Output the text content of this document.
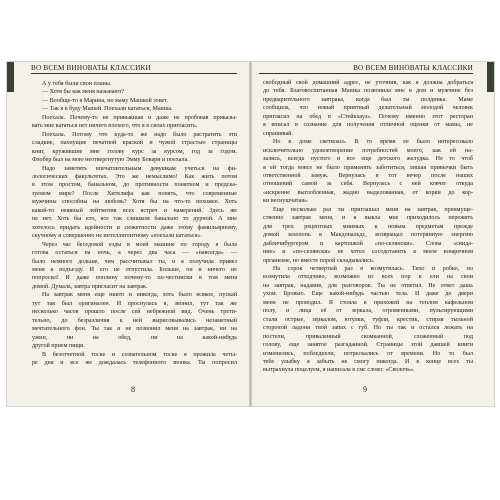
ВО ВСЕМ ВИНОВАТЫ КЛАССИКИ
А у тебя были свои планы.
— Хотя бы как меня называют?
— Вообще-то я Марина, но маму Машкой зовет.
— Так я в буду Машей. Поехали кататься, Машка.
Поехала. Почему-то не привыкшая и даже не пробовав приказы-
вать мне кататься нет ничего плохого, что я в силах пригласить.
Поехала. Потому что куда-то же надо было растратить эти
сладкие, пахнущие печатной краской и чужой страстью страницы
книг, кружившие мне голову курс за курсом, год за годом.
Флобер был на мою неотвергнутую Эмму Бовари и поехала.
Надо заметить впечатлительным девушкам учеться на фи-
лологических факультетах. Это же немыслимо! Как жить потом
в этом простом, банальном, до противности понятном и предска-
зуемом мире? После Хитклифа как понять, что современные
мужчины способны на любовь? Хотя бы на что-то похожее. Хоть
какой-то неявный лейтмотив всех встреч и намерений. Здесь же
не нет. Хоть бы кто, все так слишком банально то дурной. А мне
хотелось придать идейности и сюжетности даже этому фамильярному,
скучному и совершенно не интеллигентному «поехали кататься».
Через час беседовой езды в моей машине по городу я была
готова остаться на ночь, а через два часа — «навсегда» —
было немного дольше, чем рассчитывал ты, и я получила привез
меня к подъезду. И его не отпустила. Больше, он и ничего не
попросил! И даже поплину почему-то по-честински в том меня
домой. Думала, завтра пригласит на завтрак.
На завтрак меня еще никто и никогда, хоть было всякое, пускай
тут так был оригинален. И проснулась я, звонил, тут так же
несколько часов прошло после сей небрежной вид. Очень трети-
тельно, до безразличия к ней вырисовывались незаметный
мечтательного фон. Ты так и не позвонил меня на завтрак, ни на
ужин, ни на обед, ни на какой-нибудь
другой прием пищи.
В безотчетной тоске и созвательном тоске я прожила четы-
ре дня и все же дождалась телефонного звонка. Ты попросил
8
ВО ВСЕМ ВИНОВАТЫ КЛАССИКИ
свободный свой домашний адрес, не уточнив, как я должна добраться
до тебя. Благовоспитанная Машка позвонила мне в дом и мужчине без
предварительного завтрака, когда был ты полдника. Маме
сообщила, что новый приятный делательный молодой человек
пригласил на обед в «Стейкхауз». Почему именно этот ресторан
я вписал в сознание для получения отличной оценки от мамы, не
спрашивай.
Но в доме светилась. В то время ее было интересовало
исключительно удовлетворение потребностей моего, как ей на-
зались, всегда пустого и все еще детского желудка. Не то чтоб
я ей тогда вовсе не было применять заботиться, лишая привычки быть
ответственной замуж. Вернулась в тот вечер после наших
отношений самой за себя. Вернулась с ней ковчег откуда
«искренне выглобленная, жадно выделованная, от корки до кор-
ки веснушчатая».
Еще несколько раз ты приглашал меня на завтрак, преимуще-
ственно завтрак меня, и я выкла мне приходилось пережить
для трех рецептных мнимых к новым предметам прежде
домой захолопь в Макдональдс, возвращал потерянную энергию
дабличибургером и картошкой «по-селянски». Слова «свида-
ние» и «по-селянски» не хотел сосодотавить в моем юнаречном
организме, но вместе порой складывались.
На сорок четвертый раз я возмутилась. Тихо и робко, но
возмутила отходчиво, возможно из всех пор к ели на свои
на завтрак, надавив, для разговоров. Ты не ответил. Не ответ дашь
ухом. Бровью. Еще какой-нибудь частью тела. И даже до двери
меня не проводил. Я стояла в прихожей на теплом кафельном
полу, и лица её от зеркала, огроменными, пульсирующими
стали острые, зеркалом, ютулки, туфли, крестик, стирая тыльной
стороной ладони твой запах с губ. Но ты так и остался лежать на
постели, приваленный скомканной, сложенный под
голову, еще занятое разгаданной. Страницы этой давшей книги
изменились, побледнели, потрескались от времени. Но то был
тебе улыбку я забыть не смогу никогда. И в конце всех ты
вытрахнула поцелуем, я написала в смс слово: «Сволочь».
9
